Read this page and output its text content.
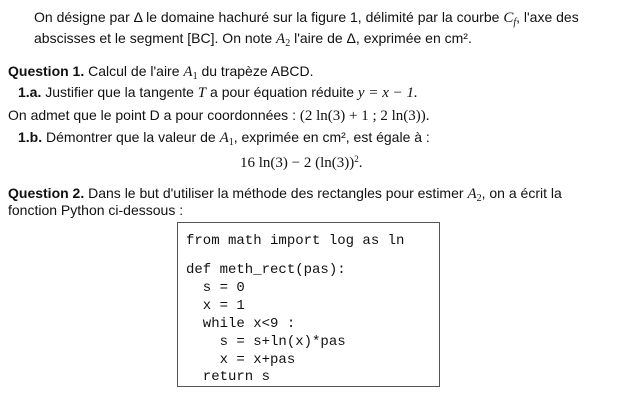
On désigne par Δ le domaine hachuré sur la figure 1, délimité par la courbe $C_f$, l'axe des
abscisses et le segment [BC]. On note $A_2$ l'aire de Δ, exprimée en cm².
Question 1. Calcul de l'aire $A_1$ du trapèze ABCD.
1.a. Justifier que la tangente T a pour équation réduite y = x − 1.
On admet que le point D a pour coordonnées : (2 ln(3) + 1 ; 2 ln(3)).
1.b. Démontrer que la valeur de $A_1$, exprimée en cm², est égale à :
16 ln(3) − 2 $(\ln(3))^2$.
Question 2. Dans le but d'utiliser la méthode des rectangles pour estimer $A_2$, on a écrit la
fonction Python ci-dessous :
from math import log as ln
def meth_rect(pas):
s = 0
x = 1
while x<9 :
s = s+ln(x)*pas
x = x+pas
return s
